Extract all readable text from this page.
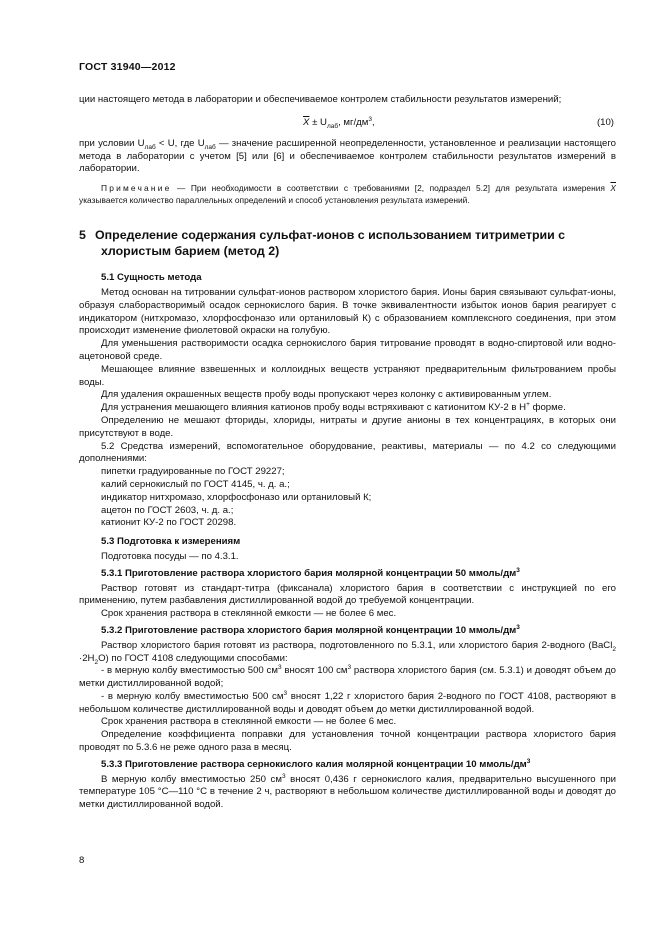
ГОСТ 31940—2012

ции настоящего метода в лаборатории и обеспечиваемое контролем стабильности результатов измерений;

$\overline{X} \pm U_{лаб}$, $мг/дм^3$,	(10)

при условии $U_{лаб} < U$, где $U_{лаб}$ — значение расширенной неопределенности, установленное и реализации настоящего метода в лаборатории с учетом [5] или [6] и обеспечиваемое контролем стабильности результатов измерений в лаборатории.

Примечание — При необходимости в соответствии с требованиями [2, подраздел 5.2] для результата измерения $\overline{X}$ указывается количество параллельных определений и способ установления результата измерений.

5 Определение содержания сульфат-ионов с использованием титриметрии с хлористым барием (метод 2)

5.1 Сущность метода

Метод основан на титровании сульфат-ионов раствором хлористого бария. Ионы бария связывают сульфат-ионы, образуя слаборастворимый осадок сернокислого бария. В точке эквивалентности избыток ионов бария реагирует с индикатором (нитхромазо, хлорфосфоназо или ортаниловый К) с образованием комплексного соединения, при этом происходит изменение фиолетовой окраски на голубую.

Для уменьшения растворимости осадка сернокислого бария титрование проводят в водно-спиртовой или водно-ацетоновой среде.

Мешающее влияние взвешенных и коллоидных веществ устраняют предварительным фильтрованием пробы воды.

Для удаления окрашенных веществ пробу воды пропускают через колонку с активированным углем.

Для устранения мешающего влияния катионов пробу воды встряхивают с катионитом КУ-2 в Н+ форме.

Определению не мешают фториды, хлориды, нитраты и другие анионы в тех концентрациях, в которых они присутствуют в воде.

5.2 Средства измерений, вспомогательное оборудование, реактивы, материалы — по 4.2 со следующими дополнениями:

пипетки градуированные по ГОСТ 29227;

калий сернокислый по ГОСТ 4145, ч. д. а.;

индикатор нитхромазо, хлорфосфоназо или ортаниловый К;

ацетон по ГОСТ 2603, ч. д. а.;

катионит КУ-2 по ГОСТ 20298.

5.3 Подготовка к измерениям

Подготовка посуды — по 4.3.1.

5.3.1 Приготовление раствора хлористого бария молярной концентрации 50 ммоль/$дм^3$

Раствор готовят из стандарт-титра (фиксанала) хлористого бария в соответствии с инструкцией по его применению, путем разбавления дистиллированной водой до требуемой концентрации.

Срок хранения раствора в стеклянной емкости — не более 6 мес.

5.3.2 Приготовление раствора хлористого бария молярной концентрации 10 ммоль/$дм^3$

Раствор хлористого бария готовят из раствора, подготовленного по 5.3.1, или хлористого бария 2-водного (BaCl$_2$ $\cdot 2H_2O$) по ГОСТ 4108 следующими способами:

- в мерную колбу вместимостью 500 $см^3$ вносят 100 $см^3$ раствора хлористого бария (см. 5.3.1) и доводят объем до метки дистиллированной водой;

- в мерную колбу вместимостью 500 $см^3$ вносят 1,22 г хлористого бария 2-водного по ГОСТ 4108, растворяют в небольшом количестве дистиллированной воды и доводят объем до метки дистиллированной водой.

Срок хранения раствора в стеклянной емкости — не более 6 мес.

Определение коэффициента поправки для установления точной концентрации раствора хлористого бария проводят по 5.3.6 не реже одного раза в месяц.

5.3.3 Приготовление раствора сернокислого калия молярной концентрации 10 ммоль/$дм^3$

В мерную колбу вместимостью 250 $см^3$ вносят 0,436 г сернокислого калия, предварительно высушенного при температуре 105 °С—110 °С в течение 2 ч, растворяют в небольшом количестве дистиллированной воды и доводят до метки дистиллированной водой.

8
